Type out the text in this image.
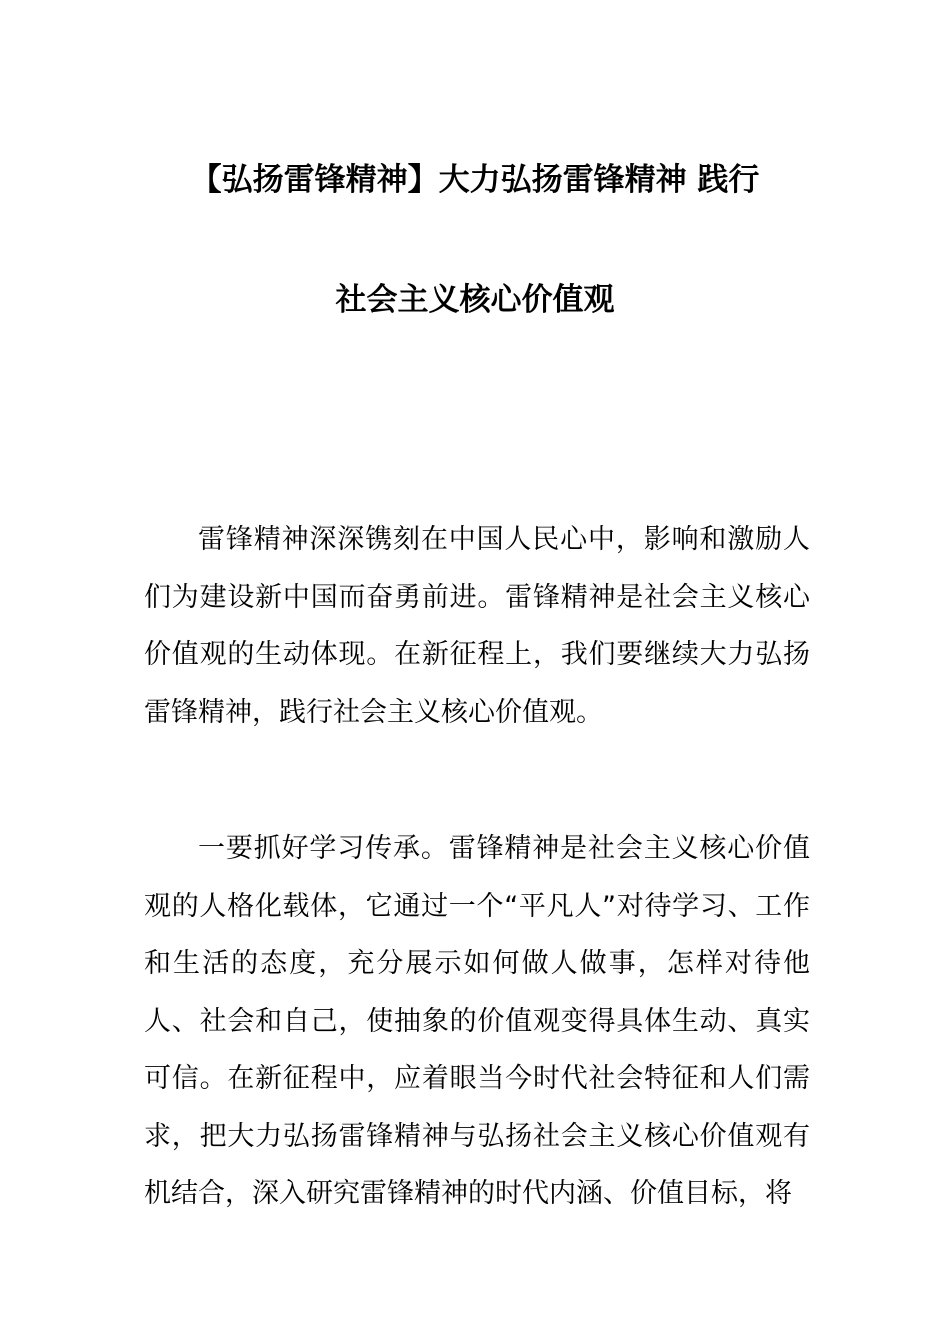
【弘扬雷锋精神】大力弘扬雷锋精神 践行
社会主义核心价值观

雷锋精神深深镌刻在中国人民心中，影响和激励人们为建设新中国而奋勇前进。雷锋精神是社会主义核心价值观的生动体现。在新征程上，我们要继续大力弘扬雷锋精神，践行社会主义核心价值观。

一要抓好学习传承。雷锋精神是社会主义核心价值观的人格化载体，它通过一个“平凡人”对待学习、工作和生活的态度，充分展示如何做人做事，怎样对待他人、社会和自己，使抽象的价值观变得具体生动、真实可信。在新征程中，应着眼当今时代社会特征和人们需求，把大力弘扬雷锋精神与弘扬社会主义核心价值观有机结合，深入研究雷锋精神的时代内涵、价值目标，将
